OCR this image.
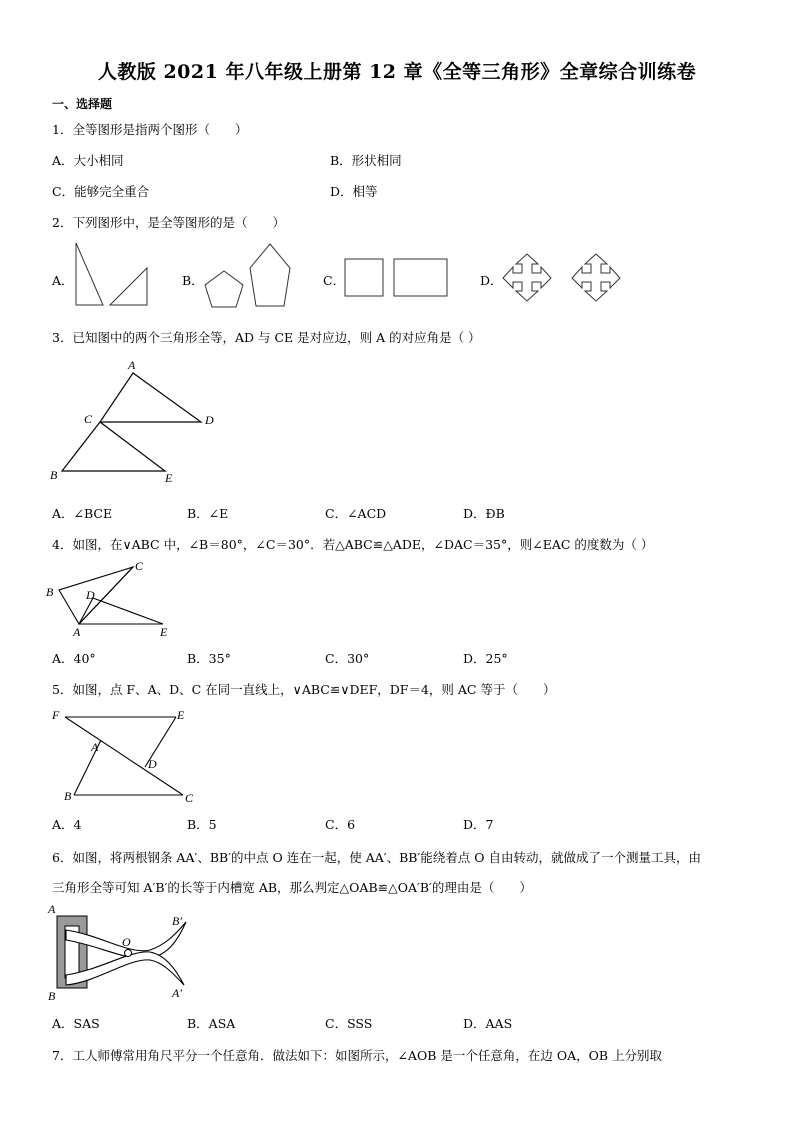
人教版 2021 年八年级上册第 12 章《全等三角形》全章综合训练卷
一、选择题
1．全等图形是指两个图形（　　）
A．大小相同	B．形状相同
C．能够完全重合	D．相等
2．下列图形中，是全等图形的是（　　）
A．	B．	C．	D．
3．已知图中的两个三角形全等，AD 与 CE 是对应边，则 A 的对应角是（ ）
A
C	D
B	E
A．∠BCE	B．∠E	C．∠ACD	D．ÐB
4．如图，在∨ABC 中，∠B＝80°，∠C＝30°．若△ABC≌△ADE，∠DAC＝35°，则∠EAC 的度数为（ ）
B
C
D
A	E
A．40°	B．35°	C．30°	D．25°
5．如图，点 F、A、D、C 在同一直线上，∨ABC≌∨DEF，DF＝4，则 AC 等于（　　）
F	E
A
D
B	C
A．4	B．5	C．6	D．7
6．如图，将两根钢条 AA′、BB′的中点 O 连在一起，使 AA′、BB′能绕着点 O 自由转动，就做成了一个测量工具，由
三角形全等可知 A′B′的长等于内槽宽 AB，那么判定△OAB≌△OA′B′的理由是（　　）
A
B′
O
B	A′
A．SAS	B．ASA	C．SSS	D．AAS
7．工人师傅常用角尺平分一个任意角．做法如下：如图所示，∠AOB 是一个任意角，在边 OA，OB 上分别取
